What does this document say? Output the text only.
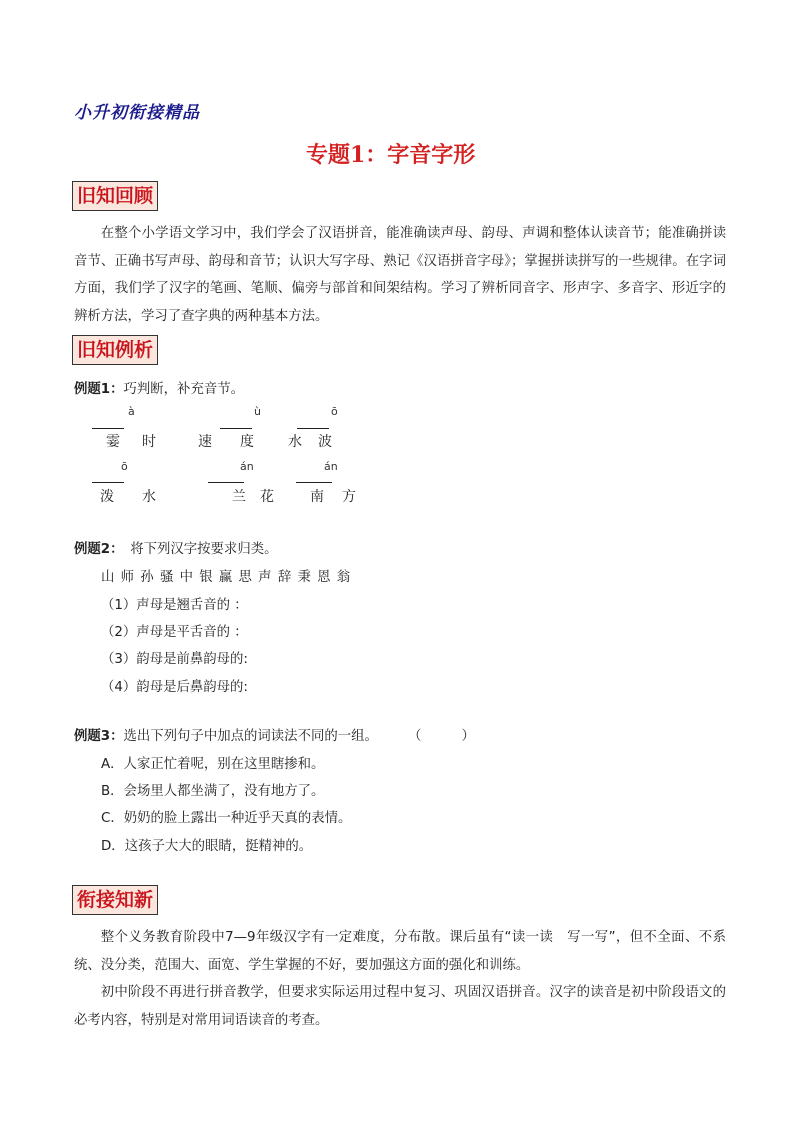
小升初衔接精品
专题1：字音字形
旧知回顾
在整个小学语文学习中，我们学会了汉语拼音，能准确读声母、韵母、声调和整体认读音节；能准确拼读音节、正确书写声母、韵母和音节；认识大写字母、熟记《汉语拼音字母》；掌握拼读拼写的一些规律。在字词方面，我们学了汉字的笔画、笔顺、偏旁与部首和间架结构。学习了辨析同音字、形声字、多音字、形近字的辨析方法，学习了查字典的两种基本方法。
旧知例析
例题1：巧判断，补充音节。
à
霎 时
ù
速 度
ō
水 波
ō
泼 水
án
兰 花
án
南 方
例题2：  将下列汉字按要求归类。
山 师 孙 骚 中 银 赢 思 声 辞 秉 恩 翁
（1）声母是翘舌音的 ：
（2）声母是平舌音的 ：
（3）韵母是前鼻韵母的:
（4）韵母是后鼻韵母的:
例题3：选出下列句子中加点的词读法不同的一组。 （　　　）
A．人家正忙着呢，别在这里瞎掺和。
B．会场里人都坐满了，没有地方了。
C．奶奶的脸上露出一种近乎天真的表情。
D．这孩子大大的眼睛，挺精神的。
衔接知新
整个义务教育阶段中7—9年级汉字有一定难度，分布散。课后虽有“读一读　写一写”，但不全面、不系统、没分类，范围大、面宽、学生掌握的不好，要加强这方面的强化和训练。
初中阶段不再进行拼音教学，但要求实际运用过程中复习、巩固汉语拼音。汉字的读音是初中阶段语文的必考内容，特别是对常用词语读音的考查。
